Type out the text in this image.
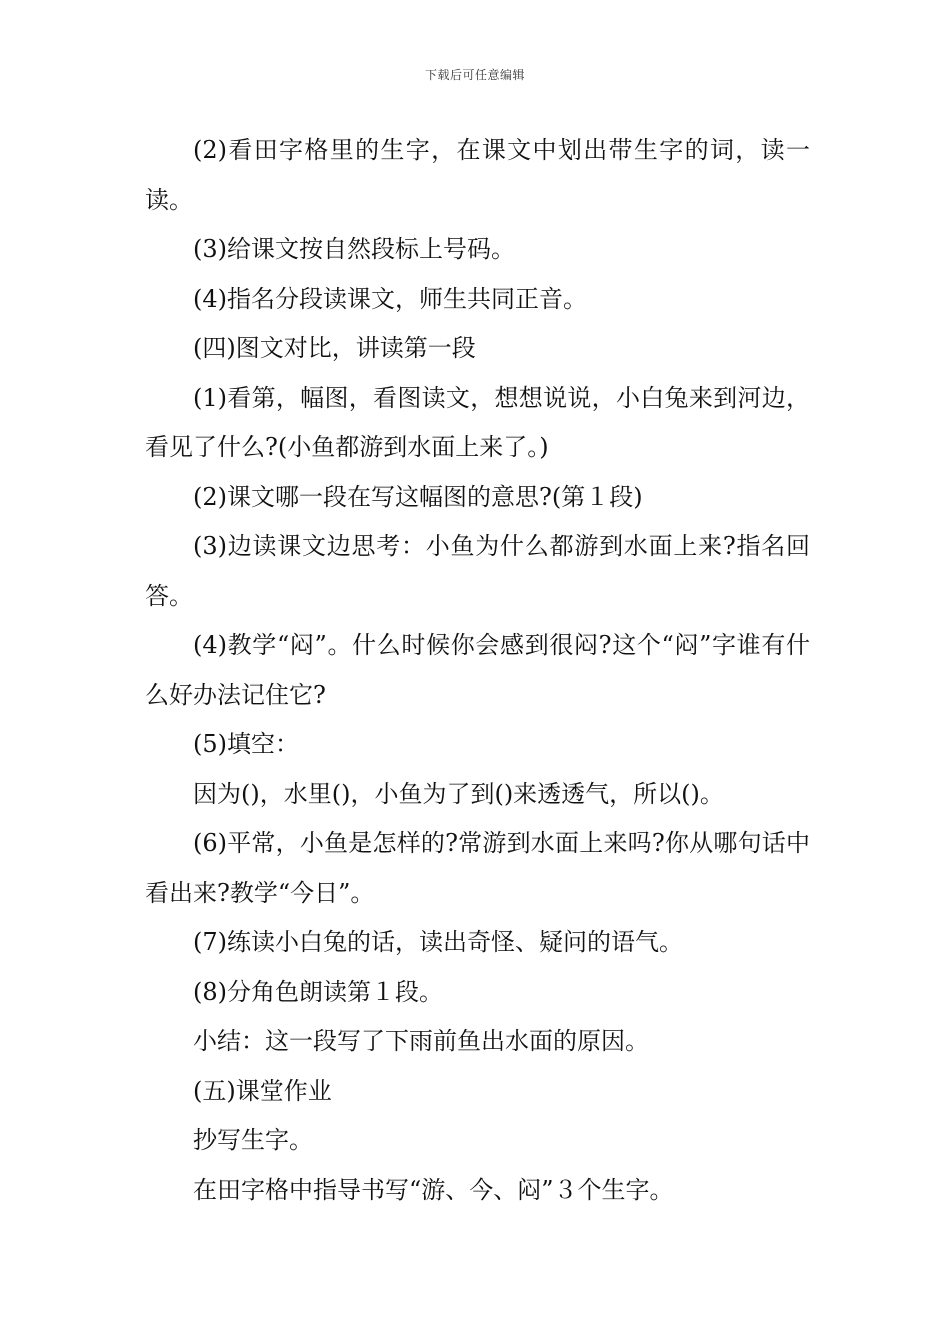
下载后可任意编辑

(2)看田字格里的生字，在课文中划出带生字的词，读一读。

(3)给课文按自然段标上号码。

(4)指名分段读课文，师生共同正音。

(四)图文对比，讲读第一段

(1)看第，幅图，看图读文，想想说说，小白兔来到河边，看见了什么?(小鱼都游到水面上来了。)

(2)课文哪一段在写这幅图的意思?(第１段)

(3)边读课文边思考：小鱼为什么都游到水面上来?指名回答。

(4)教学“闷”。什么时候你会感到很闷?这个“闷”字谁有什么好办法记住它?

(5)填空：

因为()，水里()，小鱼为了到()来透透气，所以()。

(6)平常，小鱼是怎样的?常游到水面上来吗?你从哪句话中看出来?教学“今日”。

(7)练读小白兔的话，读出奇怪、疑问的语气。

(8)分角色朗读第１段。

小结：这一段写了下雨前鱼出水面的原因。

(五)课堂作业

抄写生字。

在田字格中指导书写“游、今、闷”３个生字。
